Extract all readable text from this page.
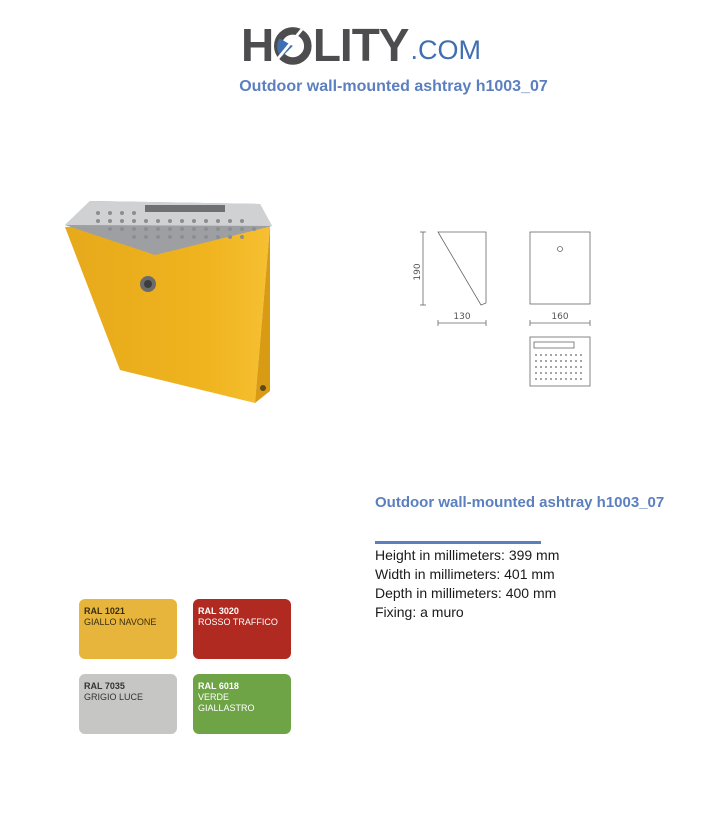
H LITY .COM
Outdoor wall-mounted ashtray h1003_07
190
130	160
RAL 1021
GIALLO NAVONE
RAL 3020
ROSSO TRAFFICO
RAL 7035
GRIGIO LUCE
RAL 6018
VERDE GIALLASTRO
Outdoor wall-mounted ashtray h1003_07
Height in millimeters: 399 mm
Width in millimeters: 401 mm
Depth in millimeters: 400 mm
Fixing: a muro
